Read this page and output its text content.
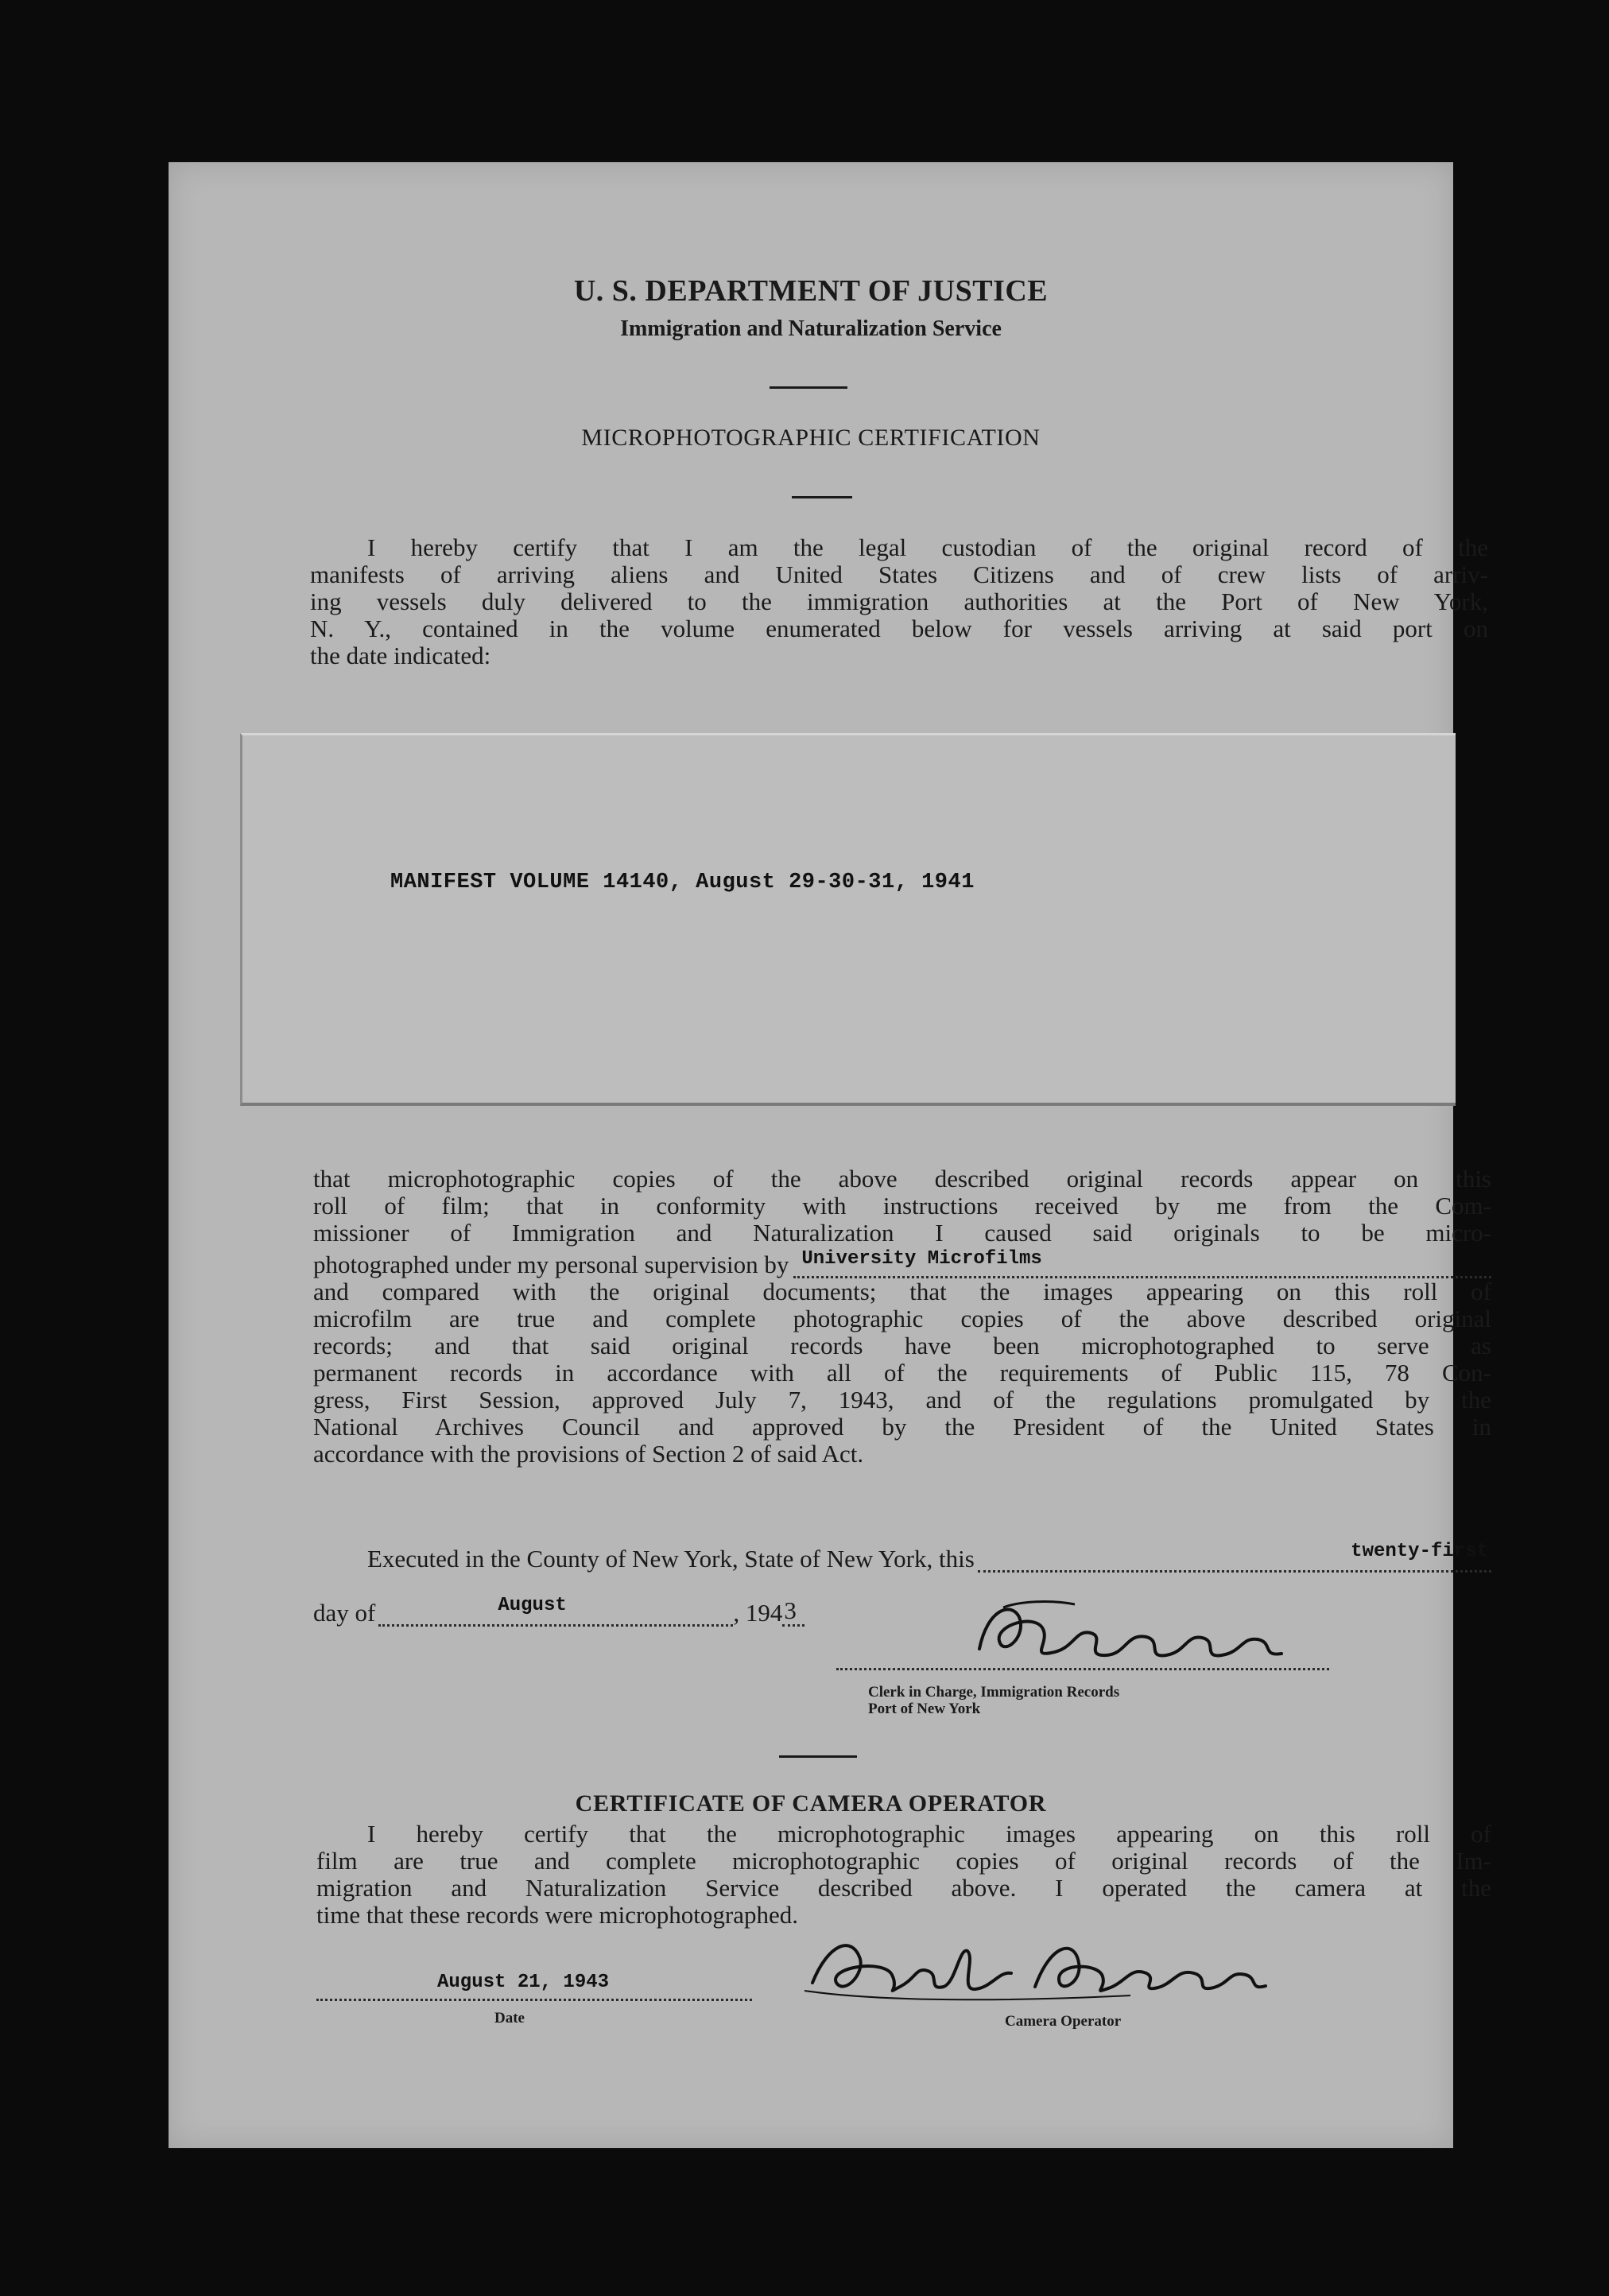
U. S. DEPARTMENT OF JUSTICE
Immigration and Naturalization Service
MICROPHOTOGRAPHIC CERTIFICATION
I hereby certify that I am the legal custodian of the original record of the
manifests of arriving aliens and United States Citizens and of crew lists of arriv-
ing vessels duly delivered to the immigration authorities at the Port of New York,
N. Y., contained in the volume enumerated below for vessels arriving at said port on
the date indicated:
MANIFEST VOLUME 14140, August 29-30-31, 1941
that microphotographic copies of the above described original records appear on this
roll of film; that in conformity with instructions received by me from the Com-
missioner of Immigration and Naturalization I caused said originals to be micro-
photographed under my personal supervision by University Microfilms
and compared with the original documents; that the images appearing on this roll of
microfilm are true and complete photographic copies of the above described original
records; and that said original records have been microphotographed to serve as
permanent records in accordance with all of the requirements of Public 115, 78 Con-
gress, First Session, approved July 7, 1943, and of the regulations promulgated by the
National Archives Council and approved by the President of the United States in
accordance with the provisions of Section 2 of said Act.
Executed in the County of New York, State of New York, this	twenty-first
day of	August	, 194 3
Clerk in Charge, Immigration Records
Port of New York
CERTIFICATE OF CAMERA OPERATOR
I hereby certify that the microphotographic images appearing on this roll of
film are true and complete microphotographic copies of original records of the Im-
migration and Naturalization Service described above. I operated the camera at the
time that these records were microphotographed.
August 21, 1943
Date	Camera Operator
